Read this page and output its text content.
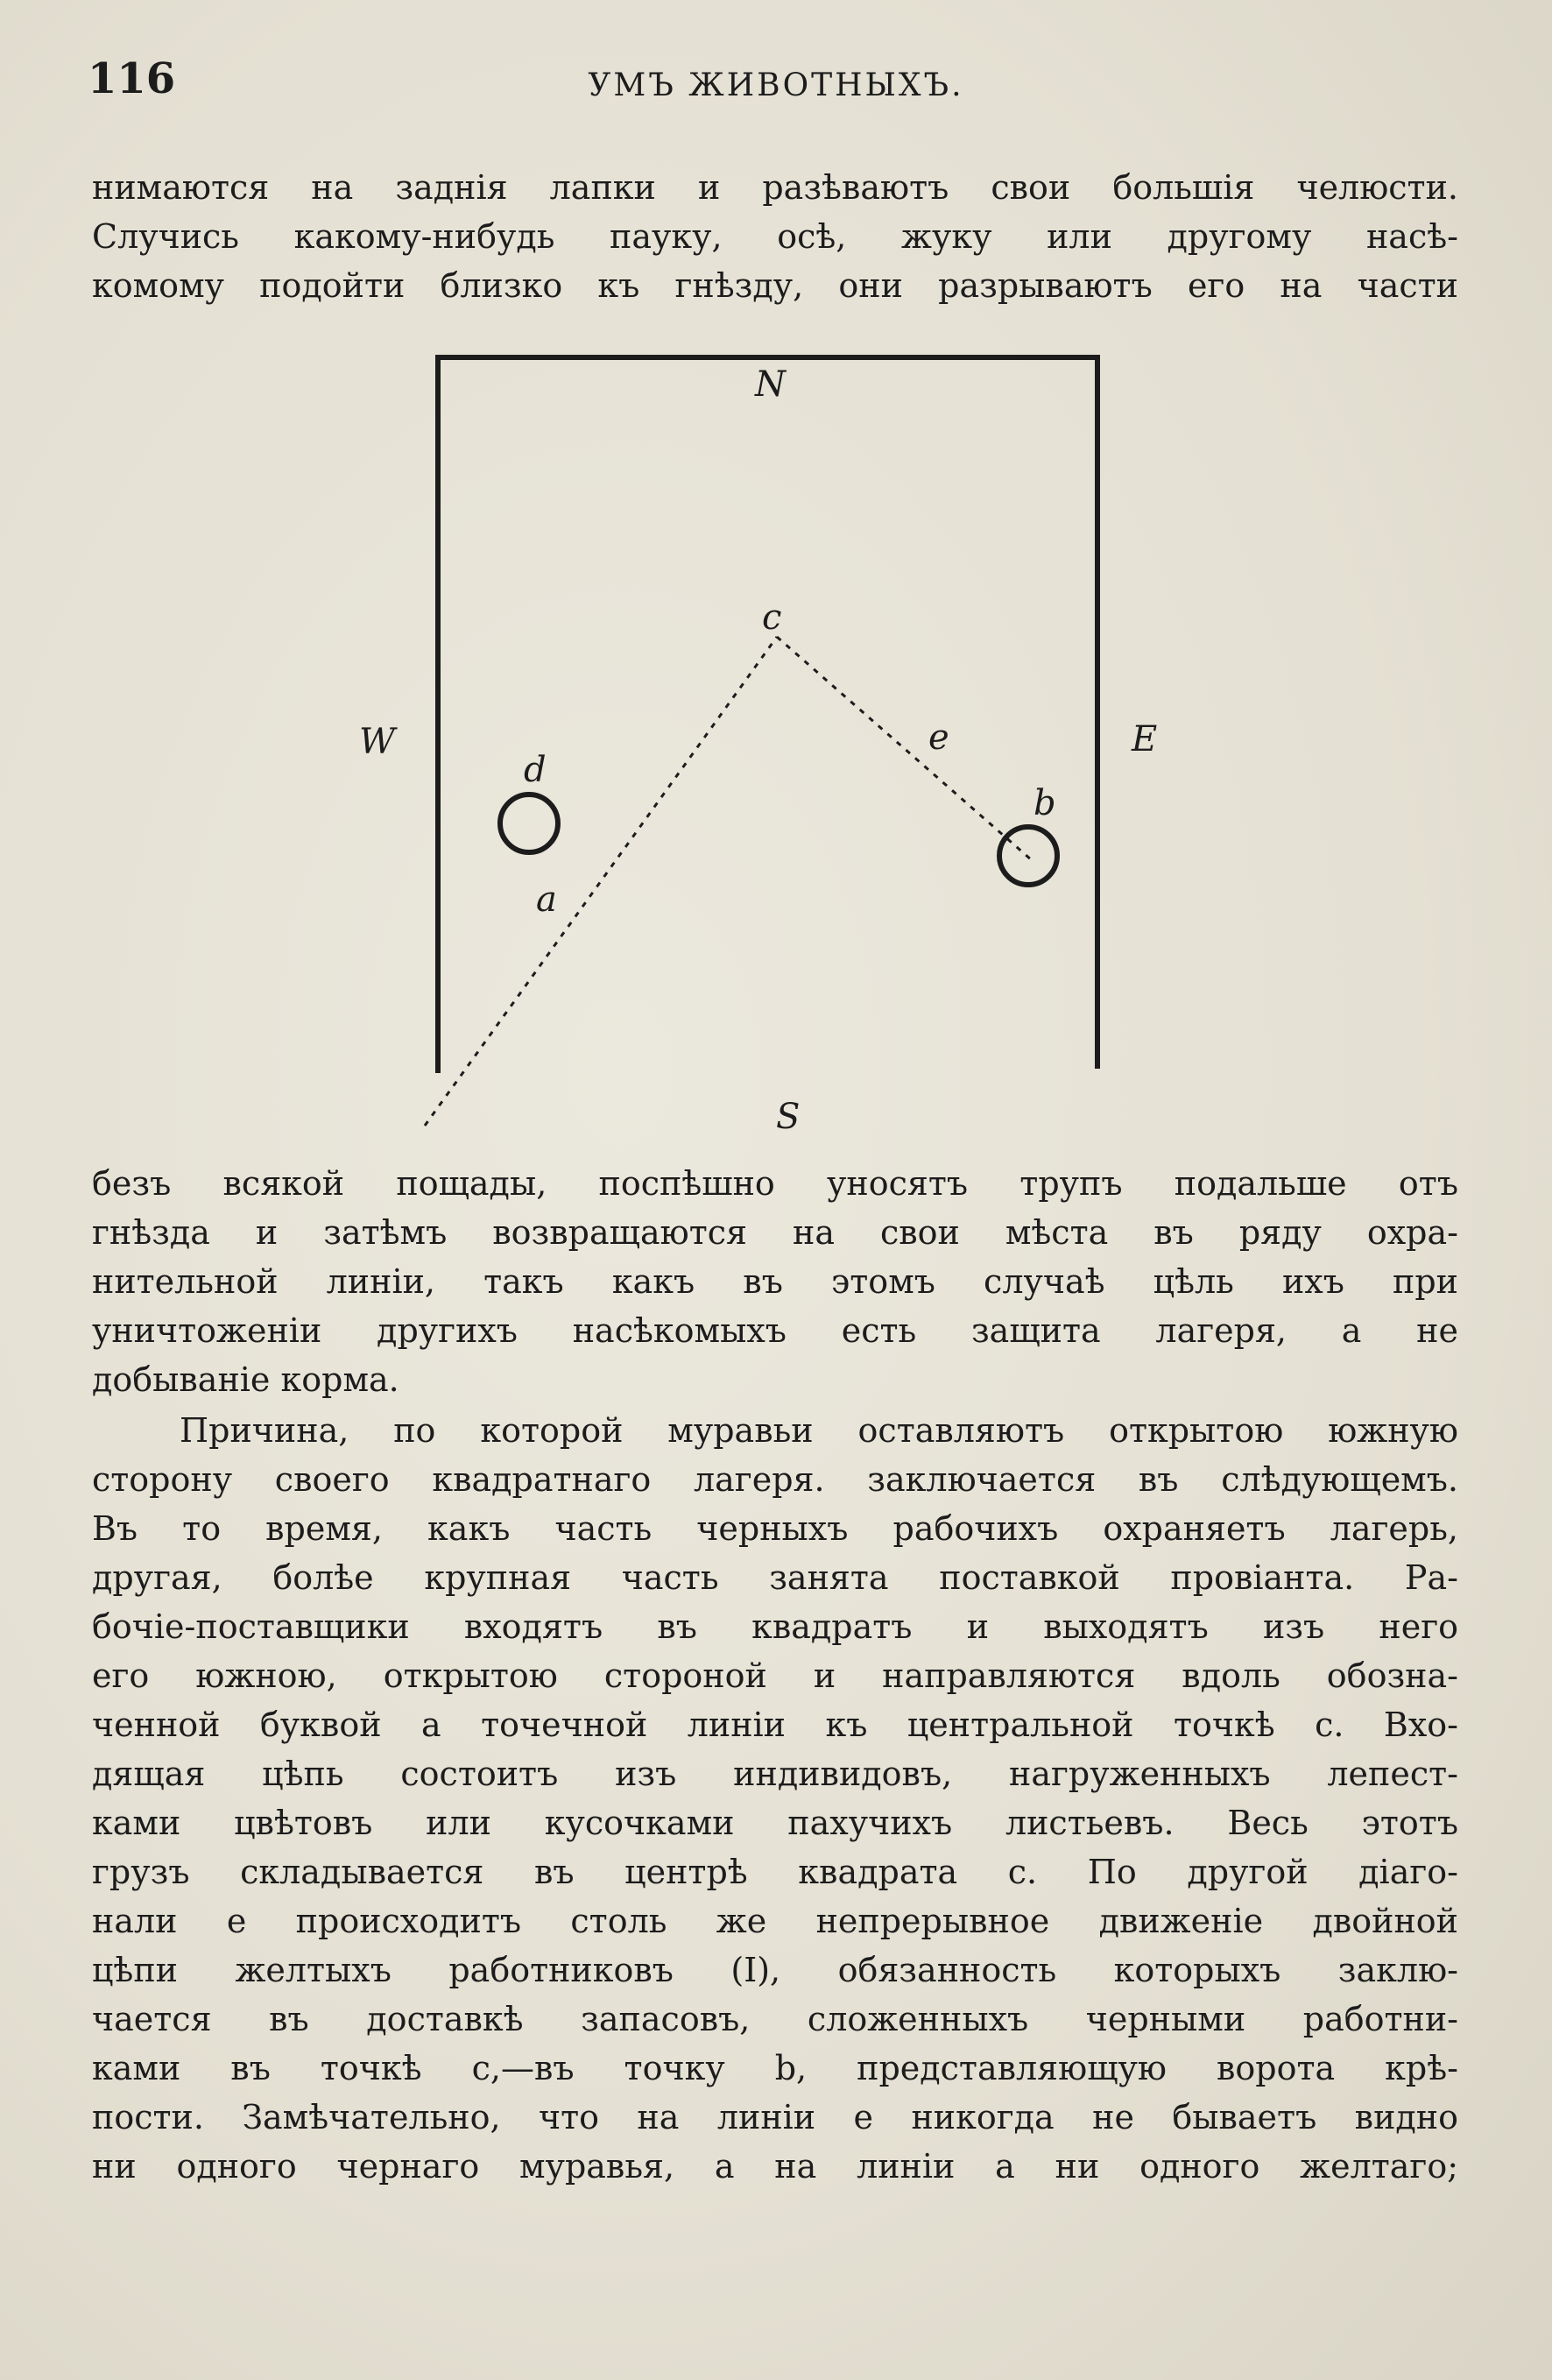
116	УМЪ ЖИВОТНЫХЪ.
нимаются на заднія лапки и разѣваютъ свои большія челюсти.
Случись какому-нибудь пауку, осѣ, жуку или другому насѣ-
комому подойти близко къ гнѣзду, они разрываютъ его на части
N
S
W	E
c
a
e
b
d
безъ всякой пощады, поспѣшно уносятъ трупъ подальше отъ
гнѣзда и затѣмъ возвращаются на свои мѣста въ ряду охра-
нительной линіи, такъ какъ въ этомъ случаѣ цѣль ихъ при
уничтоженіи другихъ насѣкомыхъ есть защита лагеря, а не
добываніе корма.
Причина, по которой муравьи оставляютъ открытою южную
сторону своего квадратнаго лагеря. заключается въ слѣдующемъ.
Въ то время, какъ часть черныхъ рабочихъ охраняетъ лагерь,
другая, болѣе крупная часть занята поставкой провіанта. Ра-
бочіе-поставщики входятъ въ квадратъ и выходятъ изъ него
его южною, открытою стороной и направляются вдоль обозна-
ченной буквой a точечной линіи къ центральной точкѣ c. Вхо-
дящая цѣпь состоитъ изъ индивидовъ, нагруженныхъ лепест-
ками цвѣтовъ или кусочками пахучихъ листьевъ. Весь этотъ
грузъ складывается въ центрѣ квадрата c. По другой діаго-
нали e происходитъ столь же непрерывное движеніе двойной
цѣпи желтыхъ работниковъ (I), обязанность которыхъ заклю-
чается въ доставкѣ запасовъ, сложенныхъ черными работни-
ками въ точкѣ c,—въ точку b, представляющую ворота крѣ-
пости. Замѣчательно, что на линіи e никогда не бываетъ видно
ни одного чернаго муравья, а на линіи a ни одного желтаго;
